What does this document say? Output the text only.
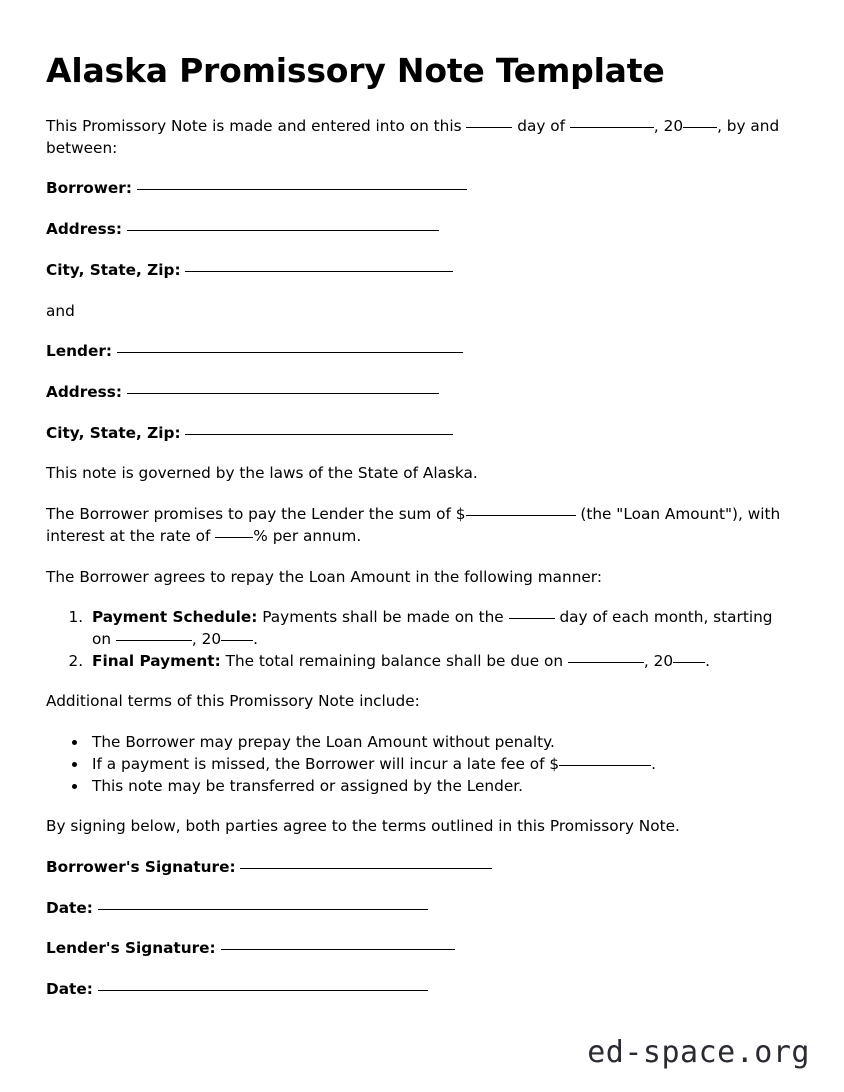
Alaska Promissory Note Template

This Promissory Note is made and entered into on this	day of	, 20 , by and between:

Borrower:
Address:
City, State, Zip:

and

Lender:
Address:
City, State, Zip:

This note is governed by the laws of the State of Alaska.

The Borrower promises to pay the Lender the sum of $	(the "Loan Amount"), with interest at the rate of % per annum.

The Borrower agrees to repay the Loan Amount in the following manner:

1. Payment Schedule: Payments shall be made on the	day of each month, starting on	, 20 .
2. Final Payment: The total remaining balance shall be due on	, 20 .

Additional terms of this Promissory Note include:

• The Borrower may prepay the Loan Amount without penalty.
• If a payment is missed, the Borrower will incur a late fee of $	.
• This note may be transferred or assigned by the Lender.

By signing below, both parties agree to the terms outlined in this Promissory Note.

Borrower's Signature:
Date:
Lender's Signature:
Date:
ed-space.org
